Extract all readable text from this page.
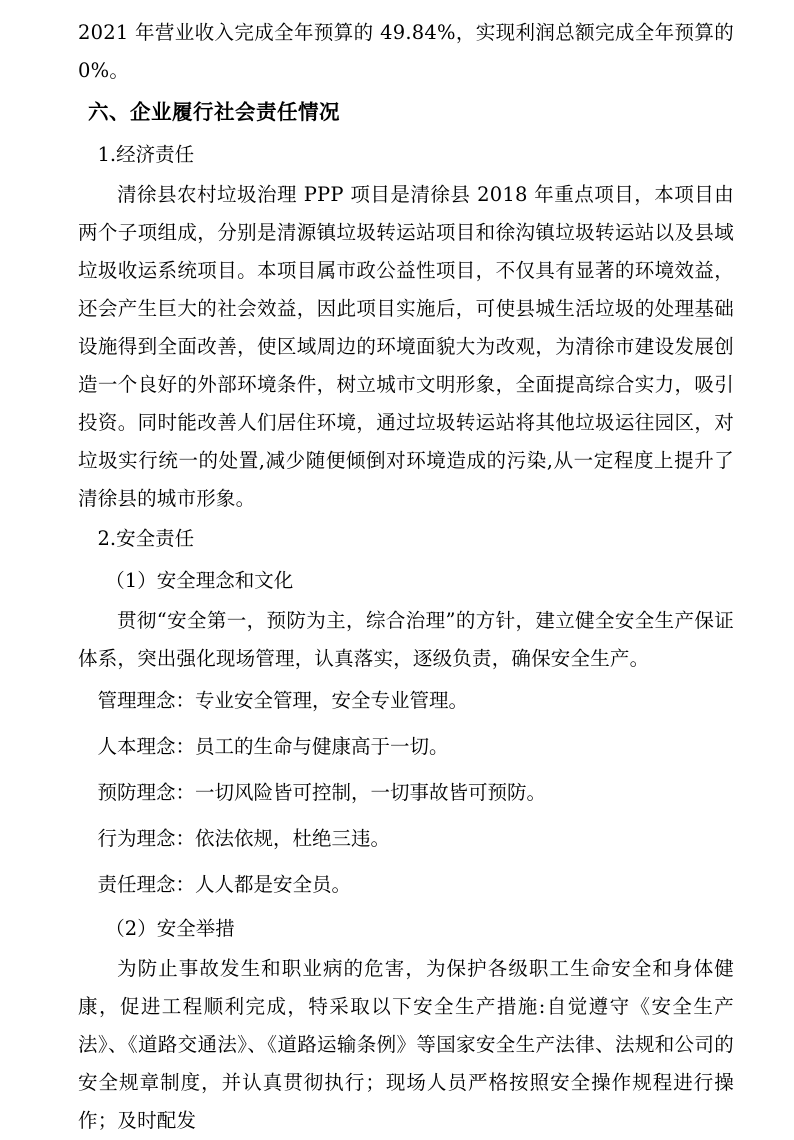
2021 年营业收入完成全年预算的 49.84%，实现利润总额完成全年预算的 0%。

六、企业履行社会责任情况

1.经济责任

清徐县农村垃圾治理 PPP 项目是清徐县 2018 年重点项目，本项目由两个子项组成，分别是清源镇垃圾转运站项目和徐沟镇垃圾转运站以及县域垃圾收运系统项目。本项目属市政公益性项目，不仅具有显著的环境效益，还会产生巨大的社会效益，因此项目实施后，可使县城生活垃圾的处理基础设施得到全面改善，使区域周边的环境面貌大为改观，为清徐市建设发展创造一个良好的外部环境条件，树立城市文明形象，全面提高综合实力，吸引投资。同时能改善人们居住环境，通过垃圾转运站将其他垃圾运往园区，对垃圾实行统一的处置,减少随便倾倒对环境造成的污染,从一定程度上提升了清徐县的城市形象。

2.安全责任

（1）安全理念和文化

贯彻“安全第一，预防为主，综合治理”的方针，建立健全安全生产保证体系，突出强化现场管理，认真落实，逐级负责，确保安全生产。

管理理念：专业安全管理，安全专业管理。

人本理念：员工的生命与健康高于一切。

预防理念：一切风险皆可控制，一切事故皆可预防。

行为理念：依法依规，杜绝三违。

责任理念：人人都是安全员。

（2）安全举措

为防止事故发生和职业病的危害，为保护各级职工生命安全和身体健康，促进工程顺利完成，特采取以下安全生产措施:自觉遵守《安全生产法》、《道路交通法》、《道路运输条例》等国家安全生产法律、法规和公司的安全规章制度，并认真贯彻执行；现场人员严格按照安全操作规程进行操作；及时配发
